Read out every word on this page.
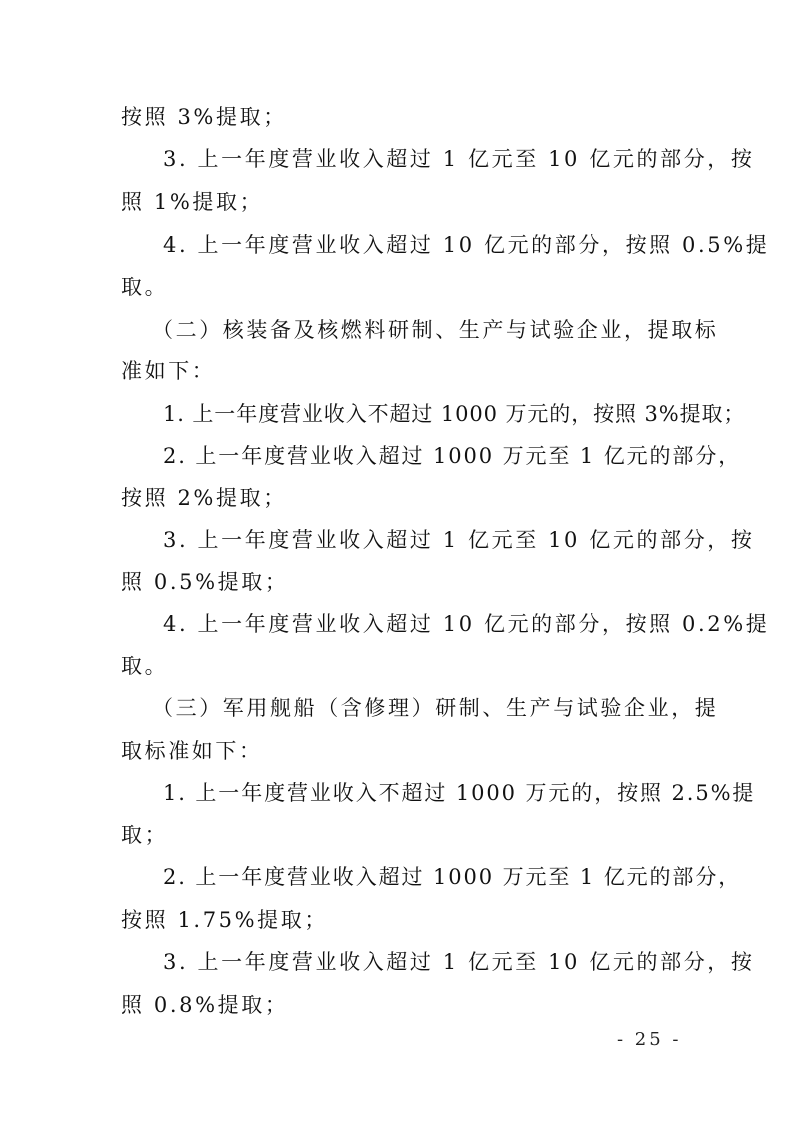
按照 3%提取；
3. 上一年度营业收入超过 1 亿元至 10 亿元的部分，按
照 1%提取；
4. 上一年度营业收入超过 10 亿元的部分，按照 0.5%提
取。
（二）核装备及核燃料研制、生产与试验企业，提取标
准如下：
1. 上一年度营业收入不超过 1000 万元的，按照 3%提取；
2. 上一年度营业收入超过 1000 万元至 1 亿元的部分，
按照 2%提取；
3. 上一年度营业收入超过 1 亿元至 10 亿元的部分，按
照 0.5%提取；
4. 上一年度营业收入超过 10 亿元的部分，按照 0.2%提
取。
（三）军用舰船（含修理）研制、生产与试验企业，提
取标准如下：
1. 上一年度营业收入不超过 1000 万元的，按照 2.5%提
取；
2. 上一年度营业收入超过 1000 万元至 1 亿元的部分，
按照 1.75%提取；
3. 上一年度营业收入超过 1 亿元至 10 亿元的部分，按
照 0.8%提取；
- 25 -
